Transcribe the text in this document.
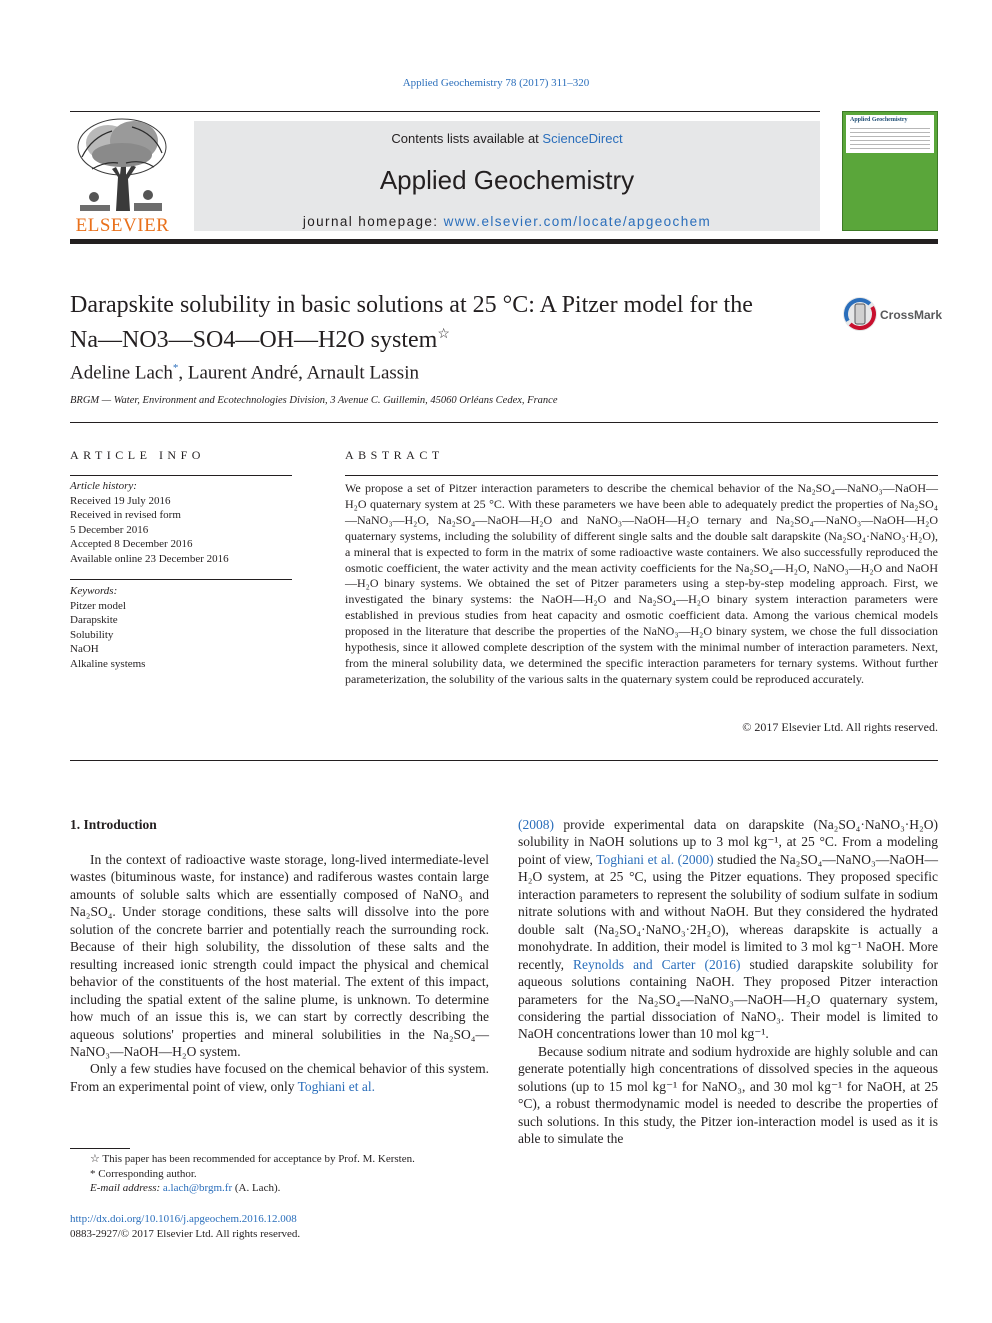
Applied Geochemistry 78 (2017) 311–320
ELSEVIER
Contents lists available at ScienceDirect
Applied Geochemistry
journal homepage: www.elsevier.com/locate/apgeochem
Applied Geochemistry
Darapskite solubility in basic solutions at 25 °C: A Pitzer model for the
Na—NO3—SO4—OH—H2O system☆
CrossMark
Adeline Lach*, Laurent André, Arnault Lassin
BRGM — Water, Environment and Ecotechnologies Division, 3 Avenue C. Guillemin, 45060 Orléans Cedex, France
ARTICLE INFO
Article history:
Received 19 July 2016
Received in revised form
5 December 2016
Accepted 8 December 2016
Available online 23 December 2016
Keywords:
Pitzer model
Darapskite
Solubility
NaOH
Alkaline systems
ABSTRACT
We propose a set of Pitzer interaction parameters to describe the chemical behavior of the Na₂SO₄—NaNO₃—NaOH—H₂O quaternary system at 25 °C. With these parameters we have been able to adequately predict the properties of Na₂SO₄—NaNO₃—H₂O, Na₂SO₄—NaOH—H₂O and NaNO₃—NaOH—H₂O ternary and Na₂SO₄—NaNO₃—NaOH—H₂O quaternary systems, including the solubility of different single salts and the double salt darapskite (Na₂SO₄·NaNO₃·H₂O), a mineral that is expected to form in the matrix of some radioactive waste containers. We also successfully reproduced the osmotic coefficient, the water activity and the mean activity coefficients for the Na₂SO₄—H₂O, NaNO₃—H₂O and NaOH—H₂O binary systems. We obtained the set of Pitzer parameters using a step-by-step modeling approach. First, we investigated the binary systems: the NaOH—H₂O and Na₂SO₄—H₂O binary system interaction parameters were established in previous studies from heat capacity and osmotic coefficient data. Among the various chemical models proposed in the literature that describe the properties of the NaNO₃—H₂O binary system, we chose the full dissociation hypothesis, since it allowed complete description of the system with the minimal number of interaction parameters. Next, from the mineral solubility data, we determined the specific interaction parameters for ternary systems. Without further parameterization, the solubility of the various salts in the quaternary system could be reproduced accurately.
© 2017 Elsevier Ltd. All rights reserved.
1. Introduction

In the context of radioactive waste storage, long-lived intermediate-level wastes (bituminous waste, for instance) and radiferous wastes contain large amounts of soluble salts which are essentially composed of NaNO₃ and Na₂SO₄. Under storage conditions, these salts will dissolve into the pore solution of the concrete barrier and potentially reach the surrounding rock. Because of their high solubility, the dissolution of these salts and the resulting increased ionic strength could impact the physical and chemical behavior of the constituents of the host material. The extent of this impact, including the spatial extent of the saline plume, is unknown. To determine how much of an issue this is, we can start by correctly describing the aqueous solutions' properties and mineral solubilities in the Na₂SO₄—NaNO₃—NaOH—H₂O system.

Only a few studies have focused on the chemical behavior of this system. From an experimental point of view, only Toghiani et al.

(2008) provide experimental data on darapskite (Na₂SO₄·NaNO₃·H₂O) solubility in NaOH solutions up to 3 mol kg⁻¹, at 25 °C. From a modeling point of view, Toghiani et al. (2000) studied the Na₂SO₄—NaNO₃—NaOH—H₂O system, at 25 °C, using the Pitzer equations. They proposed specific interaction parameters to represent the solubility of sodium sulfate in sodium nitrate solutions with and without NaOH. But they considered the hydrated double salt (Na₂SO₄·NaNO₃·2H₂O), whereas darapskite is actually a monohydrate. In addition, their model is limited to 3 mol kg⁻¹ NaOH. More recently, Reynolds and Carter (2016) studied darapskite solubility for aqueous solutions containing NaOH. They proposed Pitzer interaction parameters for the Na₂SO₄—NaNO₃—NaOH—H₂O quaternary system, considering the partial dissociation of NaNO₃. Their model is limited to NaOH concentrations lower than 10 mol kg⁻¹.

Because sodium nitrate and sodium hydroxide are highly soluble and can generate potentially high concentrations of dissolved species in the aqueous solutions (up to 15 mol kg⁻¹ for NaNO₃, and 30 mol kg⁻¹ for NaOH, at 25 °C), a robust thermodynamic model is needed to describe the properties of such solutions. In this study, the Pitzer ion-interaction model is used as it is able to simulate the

☆ This paper has been recommended for acceptance by Prof. M. Kersten.
* Corresponding author.
E-mail address: a.lach@brgm.fr (A. Lach).
http://dx.doi.org/10.1016/j.apgeochem.2016.12.008
0883-2927/© 2017 Elsevier Ltd. All rights reserved.
